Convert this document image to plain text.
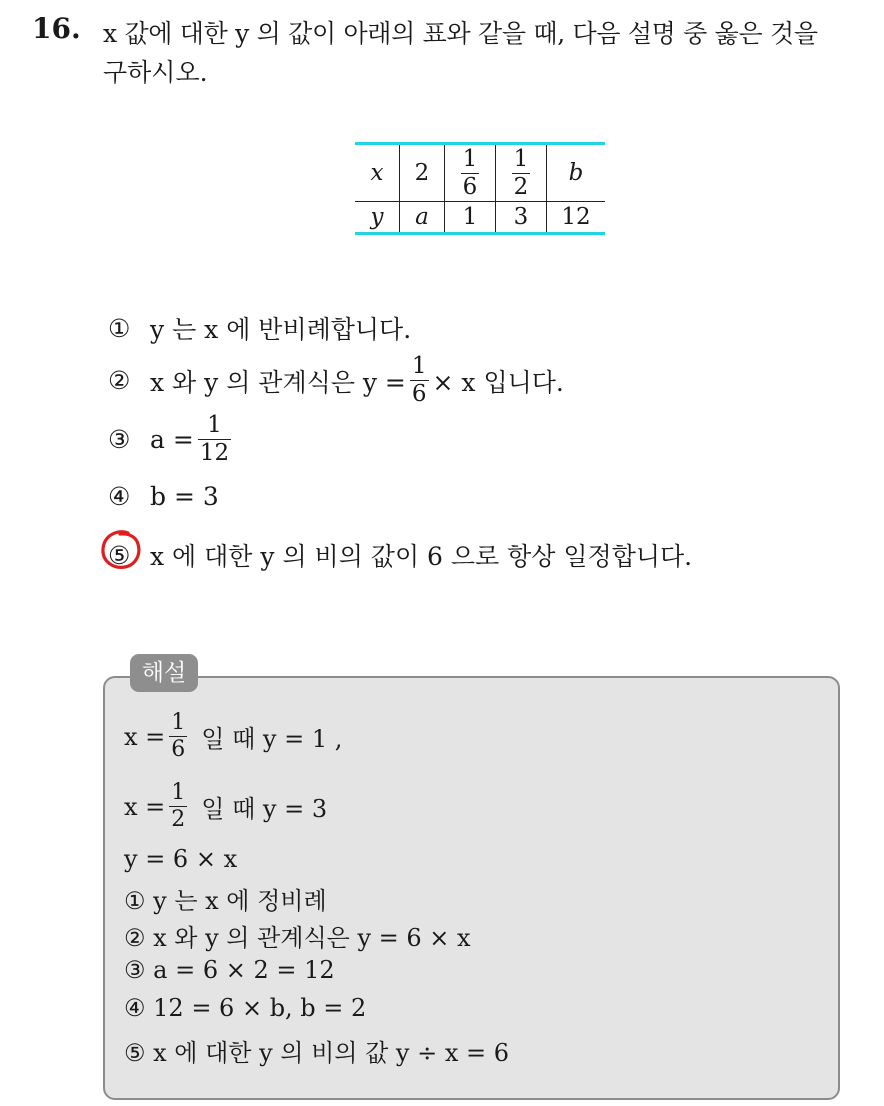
16. x 값에 대한 y 의 값이 아래의 표와 같을 때, 다음 설명 중 옳은 것을
구하시오.
x	2	$\frac{1}{6}$	$\frac{1}{2}$	b
y	a	1	3	12
① y 는 x 에 반비례합니다.
② x 와 y 의 관계식은 $y = \frac{1}{6} \times x$ 입니다.
③ $a = \frac{1}{12}$
④ b = 3
⑤ x 에 대한 y 의 비의 값이 6 으로 항상 일정합니다.
해설
$x = \frac{1}{6}$ 일 때 y = 1 ,
$x = \frac{1}{2}$ 일 때 y = 3
y = 6 × x
① y 는 x 에 정비례
② x 와 y 의 관계식은 y = 6 × x
③ a = 6 × 2 = 12
④ 12 = 6 × b, b = 2
⑤ x 에 대한 y 의 비의 값 y ÷ x = 6
